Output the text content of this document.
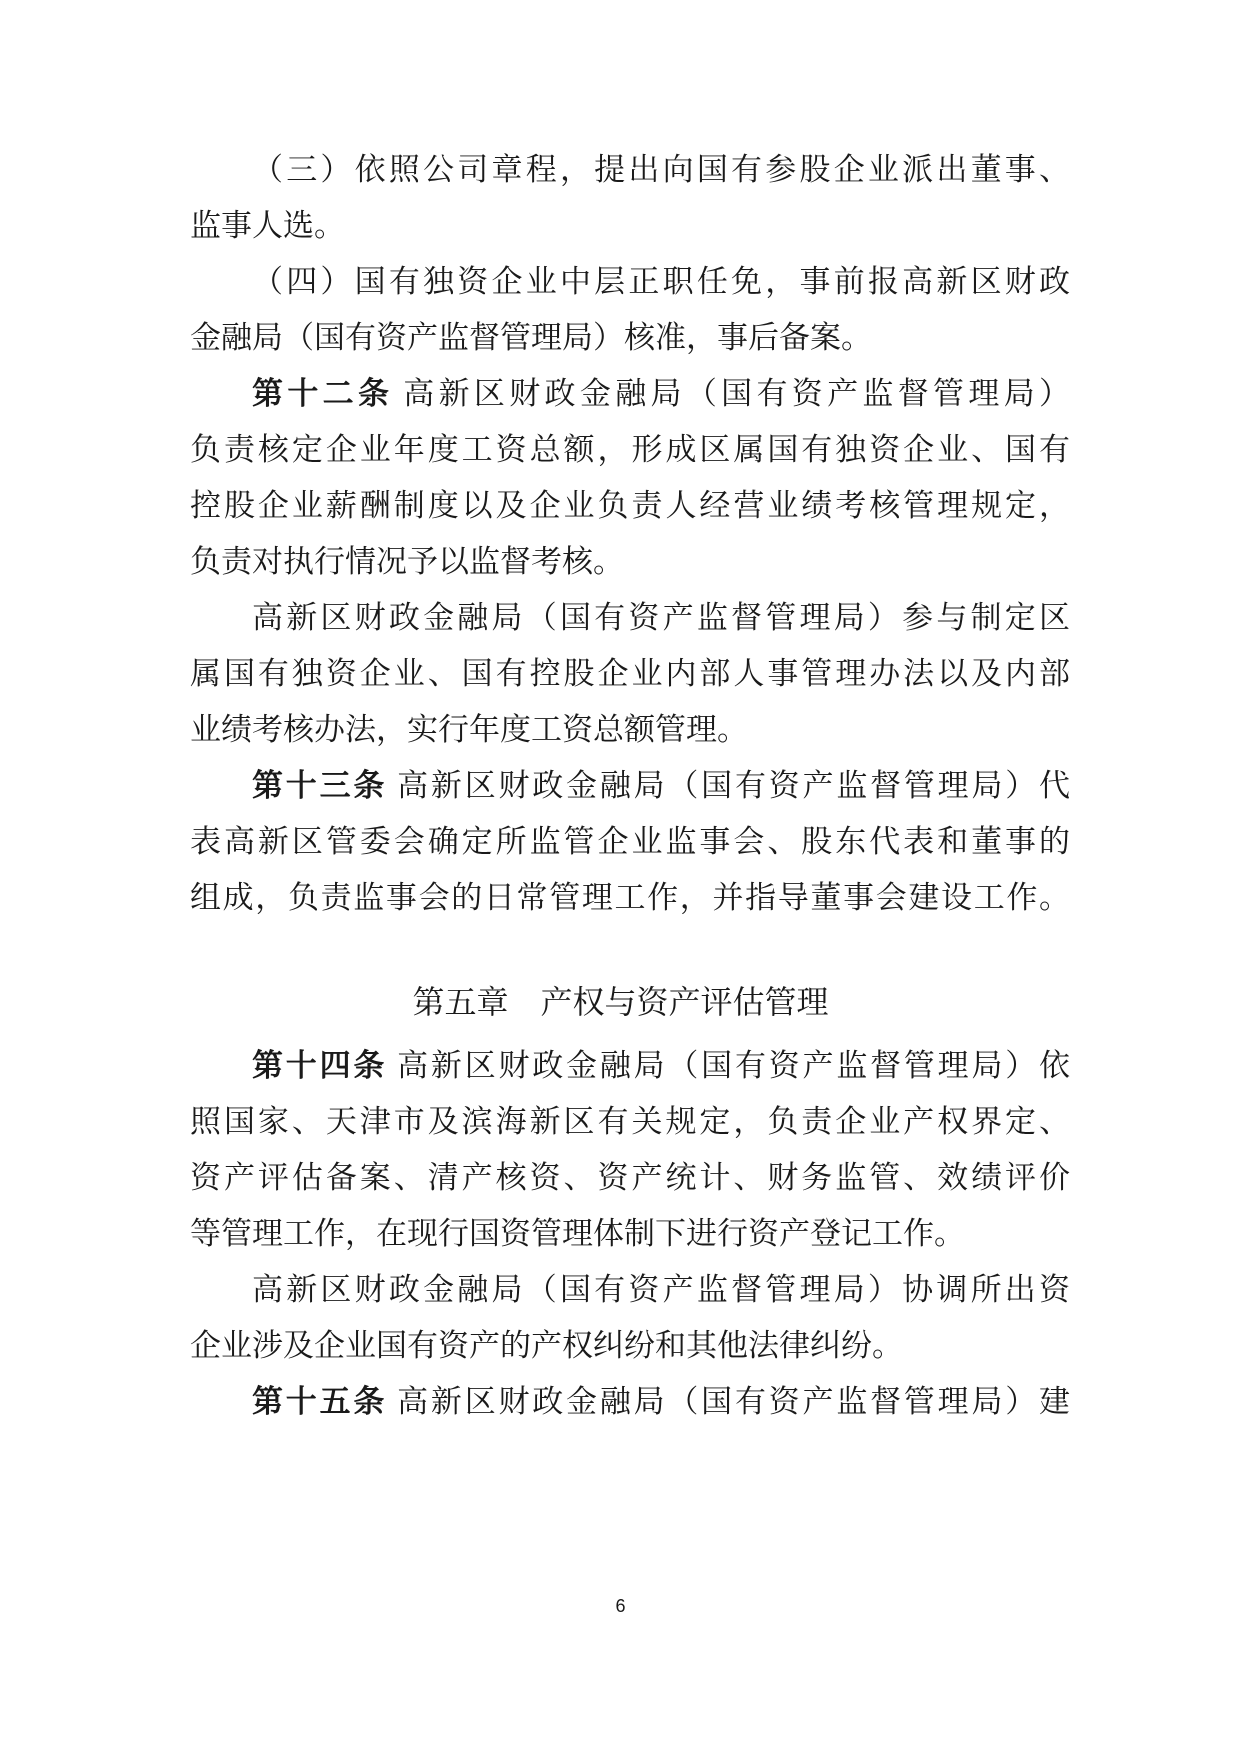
（三）依照公司章程，提出向国有参股企业派出董事、
监事人选。
（四）国有独资企业中层正职任免，事前报高新区财政
金融局（国有资产监督管理局）核准，事后备案。
第十二条 高新区财政金融局（国有资产监督管理局）
负责核定企业年度工资总额，形成区属国有独资企业、国有
控股企业薪酬制度以及企业负责人经营业绩考核管理规定，
负责对执行情况予以监督考核。
高新区财政金融局（国有资产监督管理局）参与制定区
属国有独资企业、国有控股企业内部人事管理办法以及内部
业绩考核办法，实行年度工资总额管理。
第十三条 高新区财政金融局（国有资产监督管理局）代
表高新区管委会确定所监管企业监事会、股东代表和董事的
组成，负责监事会的日常管理工作，并指导董事会建设工作。
第五章　产权与资产评估管理
第十四条 高新区财政金融局（国有资产监督管理局）依
照国家、天津市及滨海新区有关规定，负责企业产权界定、
资产评估备案、清产核资、资产统计、财务监管、效绩评价
等管理工作，在现行国资管理体制下进行资产登记工作。
高新区财政金融局（国有资产监督管理局）协调所出资
企业涉及企业国有资产的产权纠纷和其他法律纠纷。
第十五条 高新区财政金融局（国有资产监督管理局）建
6
